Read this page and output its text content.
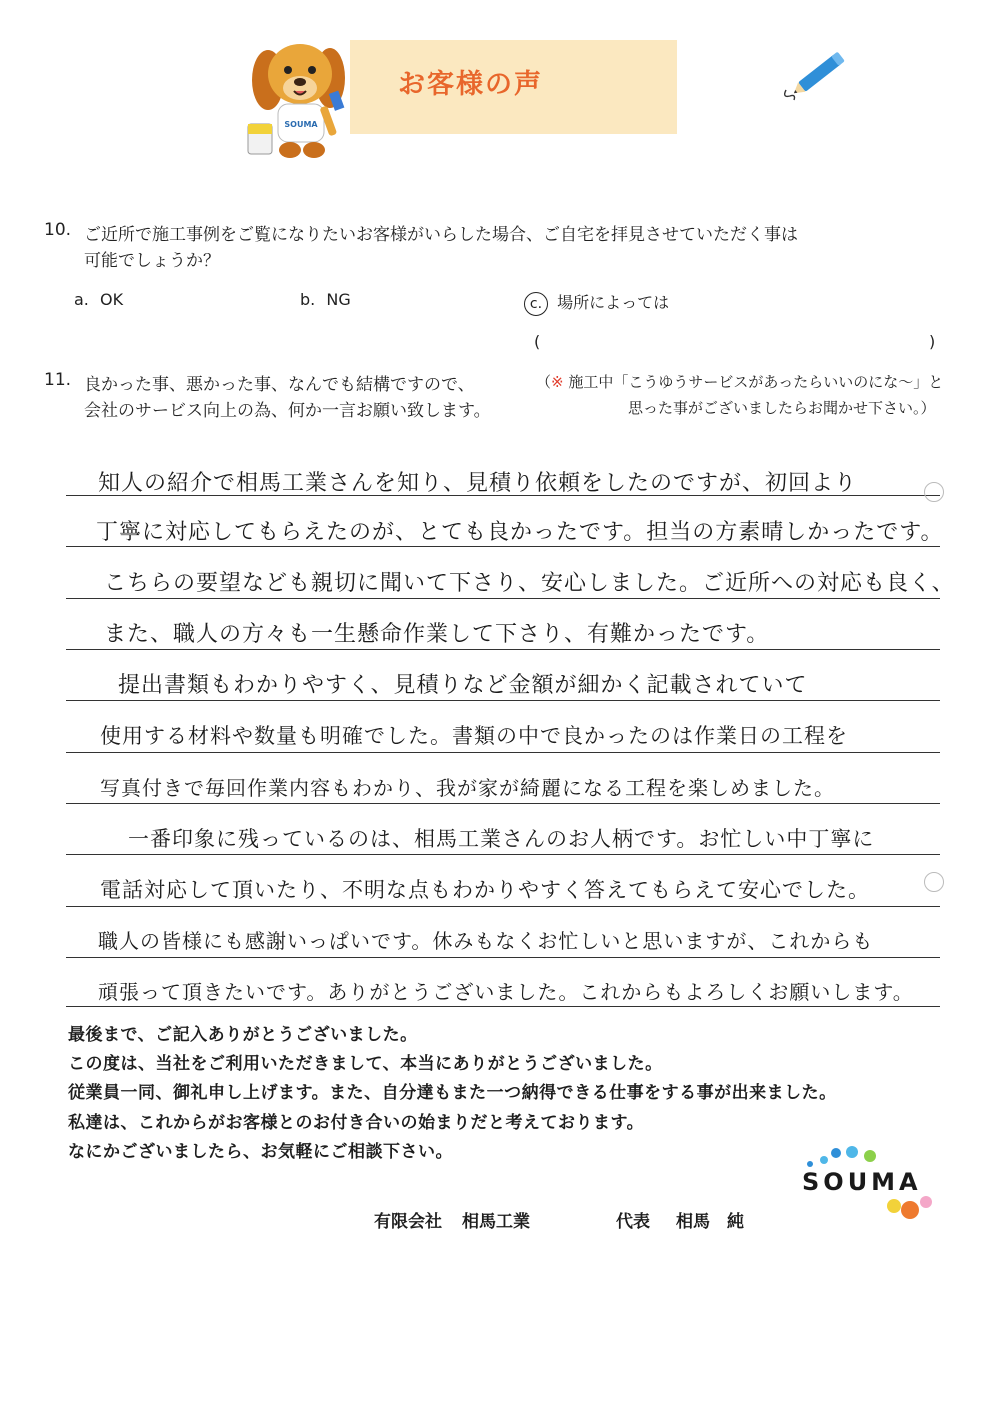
お客様の声
SOUMA
10. ご近所で施工事例をご覧になりたいお客様がいらした場合、ご自宅を拝見させていただく事は
可能でしょうか？
a. OK	b. NG	c. 場所によっては
(	)
11. 良かった事、悪かった事、なんでも結構ですので、
会社のサービス向上の為、何か一言お願い致します。
（※ 施工中「こうゆうサービスがあったらいいのにな～」と
思った事がございましたらお聞かせ下さい。）
知人の紹介で相馬工業さんを知り、見積り依頼をしたのですが、初回より
丁寧に対応してもらえたのが、とても良かったです。担当の方素晴しかったです。
こちらの要望なども親切に聞いて下さり、安心しました。ご近所への対応も良く、
また、職人の方々も一生懸命作業して下さり、有難かったです。
提出書類もわかりやすく、見積りなど金額が細かく記載されていて
使用する材料や数量も明確でした。書類の中で良かったのは作業日の工程を
写真付きで毎回作業内容もわかり、我が家が綺麗になる工程を楽しめました。
一番印象に残っているのは、相馬工業さんのお人柄です。お忙しい中丁寧に
電話対応して頂いたり、不明な点もわかりやすく答えてもらえて安心でした。
職人の皆様にも感謝いっぱいです。休みもなくお忙しいと思いますが、これからも
頑張って頂きたいです。ありがとうございました。これからもよろしくお願いします。
最後まで、ご記入ありがとうございました。
この度は、当社をご利用いただきまして、本当にありがとうございました。
従業員一同、御礼申し上げます。また、自分達もまた一つ納得できる仕事をする事が出来ました。
私達は、これからがお客様とのお付き合いの始まりだと考えております。
なにかございましたら、お気軽にご相談下さい。
SOUMA
有限会社 相馬工業	代表 相馬　純
